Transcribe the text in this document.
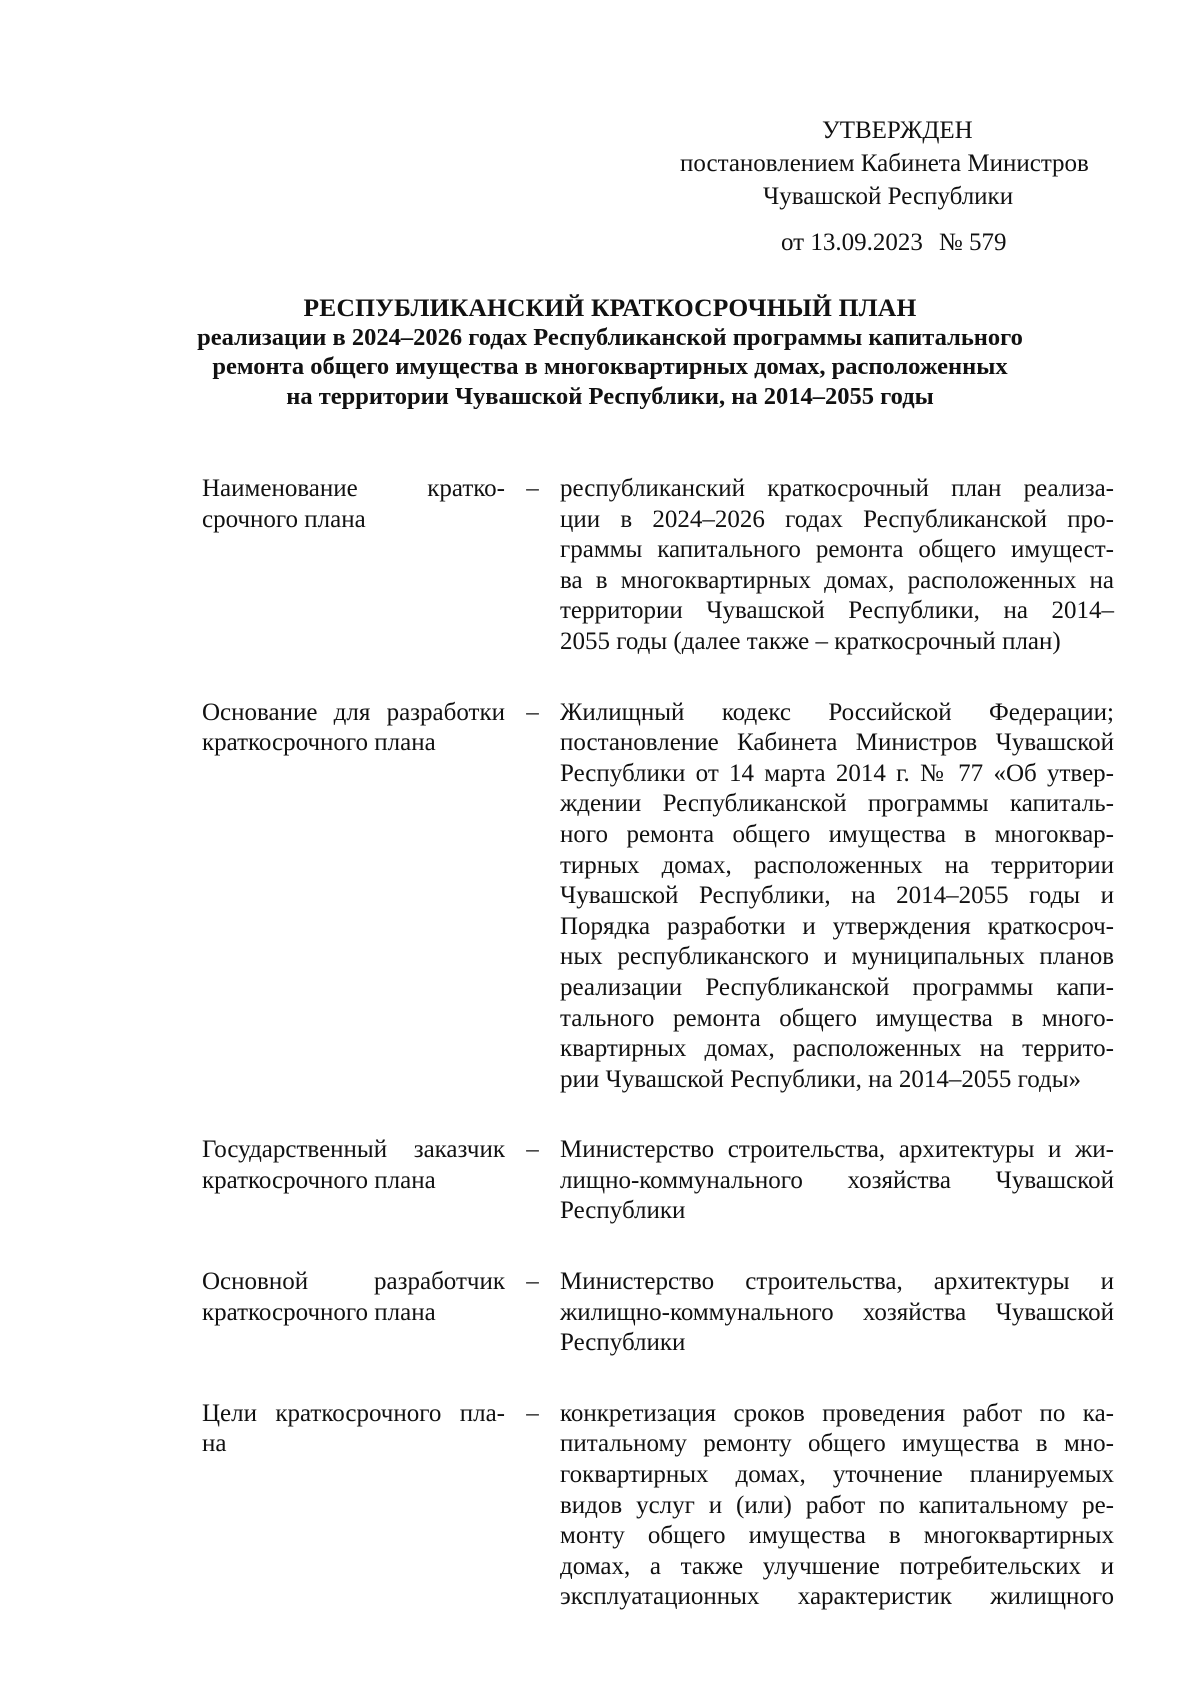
УТВЕРЖДЕН
постановлением Кабинета Министров
Чувашской Республики
от 13.09.2023 № 579
РЕСПУБЛИКАНСКИЙ КРАТКОСРОЧНЫЙ ПЛАН
реализации в 2024–2026 годах Республиканской программы капитального
ремонта общего имущества в многоквартирных домах, расположенных
на территории Чувашской Республики, на 2014–2055 годы
Наименование кратко-
срочного плана
– республиканский краткосрочный план реализа-
ции в 2024–2026 годах Республиканской про-
граммы капитального ремонта общего имущест-
ва в многоквартирных домах, расположенных на
территории Чувашской Республики, на 2014–
2055 годы (далее также – краткосрочный план)
Основание для разработки
краткосрочного плана
– Жилищный кодекс Российской Федерации;
постановление Кабинета Министров Чувашской
Республики от 14 марта 2014 г. № 77 «Об утвер-
ждении Республиканской программы капиталь-
ного ремонта общего имущества в многоквар-
тирных домах, расположенных на территории
Чувашской Республики, на 2014–2055 годы и
Порядка разработки и утверждения краткосроч-
ных республиканского и муниципальных планов
реализации Республиканской программы капи-
тального ремонта общего имущества в много-
квартирных домах, расположенных на террито-
рии Чувашской Республики, на 2014–2055 годы»
Государственный заказчик
краткосрочного плана
– Министерство строительства, архитектуры и жи-
лищно-коммунального хозяйства Чувашской
Республики
Основной разработчик
краткосрочного плана
– Министерство строительства, архитектуры и
жилищно-коммунального хозяйства Чувашской
Республики
Цели краткосрочного пла-
на
– конкретизация сроков проведения работ по ка-
питальному ремонту общего имущества в мно-
гоквартирных домах, уточнение планируемых
видов услуг и (или) работ по капитальному ре-
монту общего имущества в многоквартирных
домах, а также улучшение потребительских и
эксплуатационных характеристик жилищного
